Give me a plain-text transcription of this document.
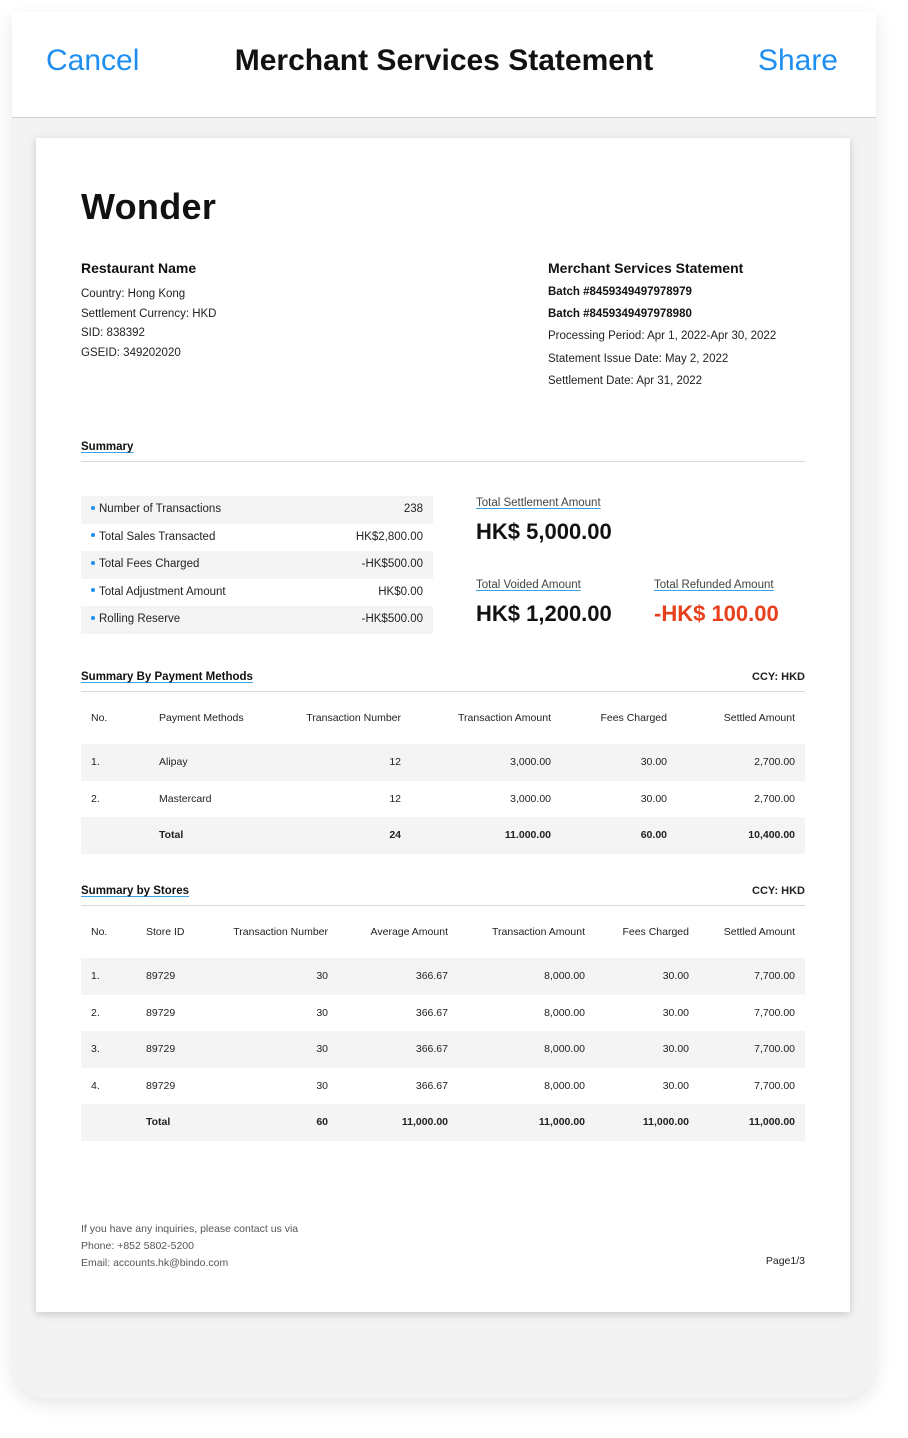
Cancel	Merchant Services Statement	Share
Wonder
Restaurant Name
Country: Hong Kong
Settlement Currency: HKD
SID: 838392
GSEID: 349202020
Merchant Services Statement
Batch #8459349497978979
Batch #8459349497978980
Processing Period: Apr 1, 2022-Apr 30, 2022
Statement Issue Date: May 2, 2022
Settlement Date: Apr 31, 2022
Summary
Number of Transactions	238
Total Sales Transacted	HK$2,800.00
Total Fees Charged	-HK$500.00
Total Adjustment Amount	HK$0.00
Rolling Reserve	-HK$500.00
Total Settlement Amount
HK$ 5,000.00
Total Voided Amount
HK$ 1,200.00
Total Refunded Amount
-HK$ 100.00
Summary By Payment Methods	CCY: HKD
No.	Payment Methods	Transaction Number	Transaction Amount	Fees Charged	Settled Amount
1.	Alipay	12	3,000.00	30.00	2,700.00
2.	Mastercard	12	3,000.00	30.00	2,700.00
	Total	24	11.000.00	60.00	10,400.00
Summary by Stores	CCY: HKD
No.	Store ID	Transaction Number	Average Amount	Transaction Amount	Fees Charged	Settled Amount
1.	89729	30	366.67	8,000.00	30.00	7,700.00
2.	89729	30	366.67	8,000.00	30.00	7,700.00
3.	89729	30	366.67	8,000.00	30.00	7,700.00
4.	89729	30	366.67	8,000.00	30.00	7,700.00
	Total	60	11,000.00	11,000.00	11,000.00	11,000.00
If you have any inquiries, please contact us via
Phone: +852 5802-5200
Email: accounts.hk@bindo.com	Page1/3
